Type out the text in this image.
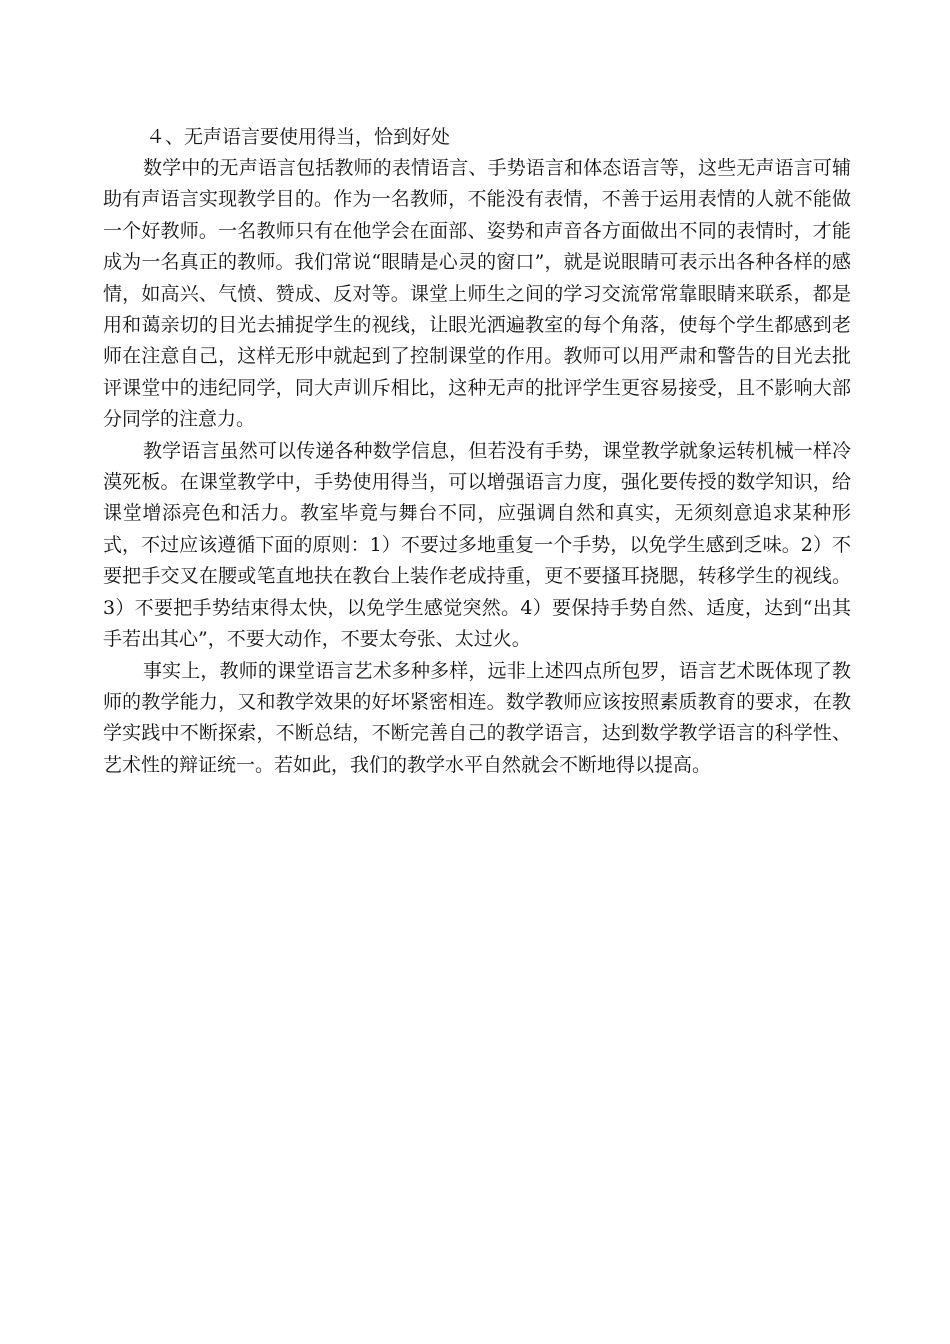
４、无声语言要使用得当，恰到好处

数学中的无声语言包括教师的表情语言、手势语言和体态语言等，这些无声语言可辅助有声语言实现教学目的。作为一名教师，不能没有表情，不善于运用表情的人就不能做一个好教师。一名教师只有在他学会在面部、姿势和声音各方面做出不同的表情时，才能成为一名真正的教师。我们常说“眼睛是心灵的窗口”，就是说眼睛可表示出各种各样的感情，如高兴、气愤、赞成、反对等。课堂上师生之间的学习交流常常靠眼睛来联系，都是用和蔼亲切的目光去捕捉学生的视线，让眼光洒遍教室的每个角落，使每个学生都感到老师在注意自己，这样无形中就起到了控制课堂的作用。教师可以用严肃和警告的目光去批评课堂中的违纪同学，同大声训斥相比，这种无声的批评学生更容易接受，且不影响大部分同学的注意力。

教学语言虽然可以传递各种数学信息，但若没有手势，课堂教学就象运转机械一样冷漠死板。在课堂教学中，手势使用得当，可以增强语言力度，强化要传授的数学知识，给课堂增添亮色和活力。教室毕竟与舞台不同，应强调自然和真实，无须刻意追求某种形式，不过应该遵循下面的原则：1）不要过多地重复一个手势，以免学生感到乏味。2）不要把手交叉在腰或笔直地扶在教台上装作老成持重，更不要搔耳挠腮，转移学生的视线。3）不要把手势结束得太快，以免学生感觉突然。4）要保持手势自然、适度，达到“出其手若出其心”，不要大动作，不要太夸张、太过火。

事实上，教师的课堂语言艺术多种多样，远非上述四点所包罗，语言艺术既体现了教师的教学能力，又和教学效果的好坏紧密相连。数学教师应该按照素质教育的要求，在教学实践中不断探索，不断总结，不断完善自己的教学语言，达到数学教学语言的科学性、艺术性的辩证统一。若如此，我们的教学水平自然就会不断地得以提高。
